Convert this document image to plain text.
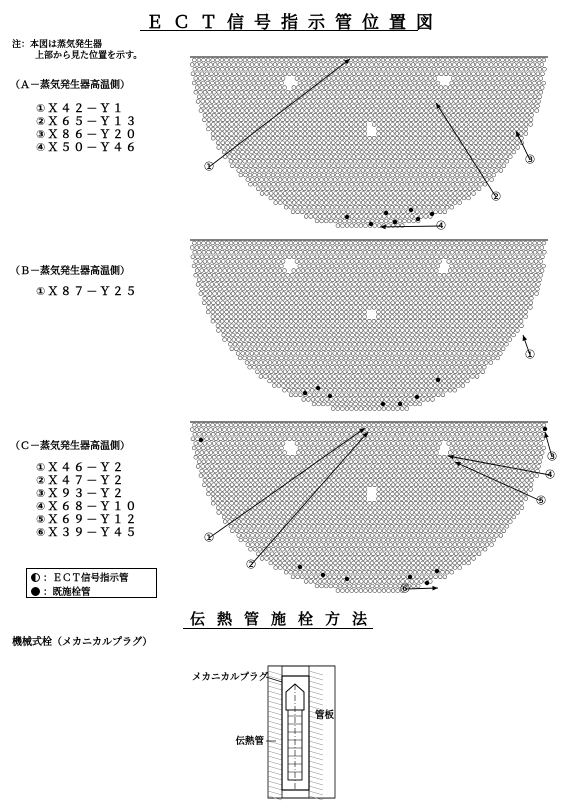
ＥＣＴ信号指示管位置図
注：本図は蒸気発生器
上部から見た位置を示す。
（Ａ－蒸気発生器高温側）
①Ｘ４２－Ｙ１
②Ｘ６５－Ｙ１３
③Ｘ８６－Ｙ２０
④Ｘ５０－Ｙ４６
（Ｂ－蒸気発生器高温側）
①Ｘ８７－Ｙ２５
（Ｃ－蒸気発生器高温側）
①Ｘ４６－Ｙ２
②Ｘ４７－Ｙ２
③Ｘ９３－Ｙ２
④Ｘ６８－Ｙ１０
⑤Ｘ６９－Ｙ１２
⑥Ｘ３９－Ｙ４５
：ＥＣＴ信号指示管
：既施栓管
伝熱管施栓方法
機械式栓（メカニカルプラグ）
①
②
③
④
①
①
②
③
④
⑤
⑥
メカニカルプラグ
管板
伝熱管
